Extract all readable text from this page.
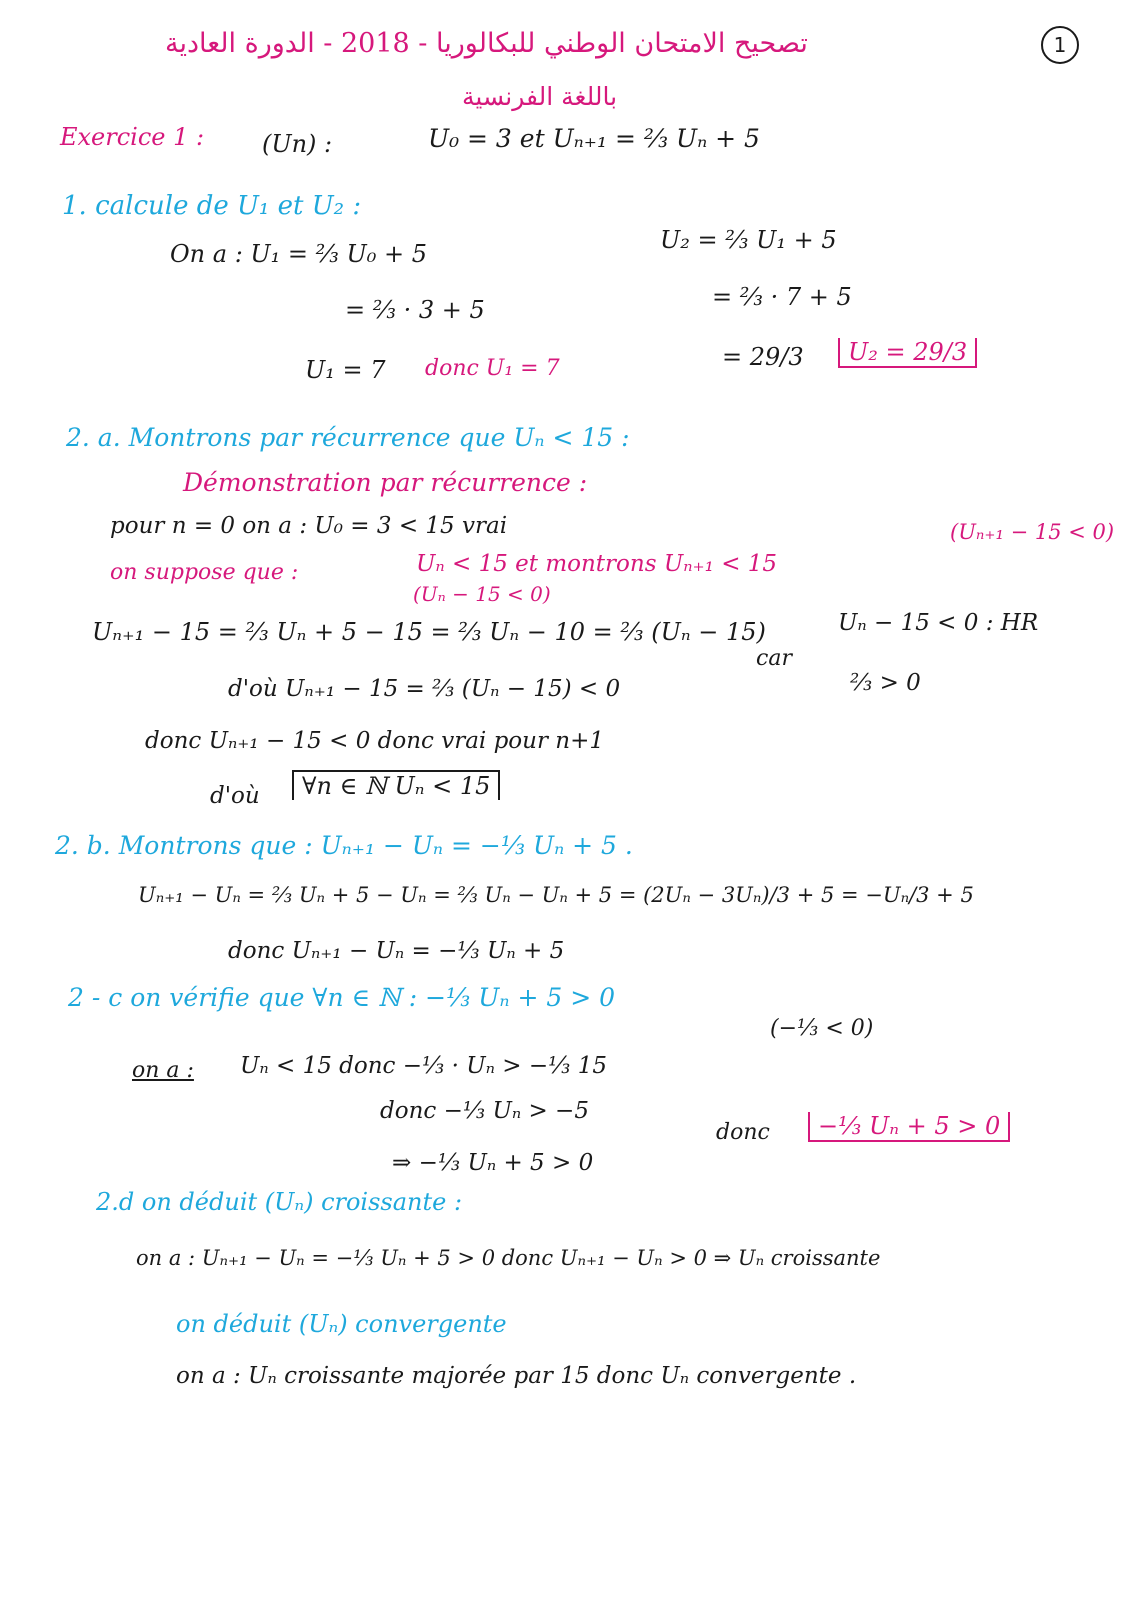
1
تصحيح الامتحان الوطني للبكالوريا - 2018 - الدورة العادية
باللغة الفرنسية
Exercice 1 : (Un) :	U₀ = 3 et Uₙ₊₁ = ⅔ Uₙ + 5
1. calcule de U₁ et U₂ :
On a : U₁ = ⅔ U₀ + 5
= ⅔ · 3 + 5
U₁ = 7 donc U₁ = 7
U₂ = ⅔ U₁ + 5
= ⅔ · 7 + 5
= 29/3	U₂ = 29/3
2. a. Montrons par récurrence que Uₙ < 15 :
Démonstration par récurrence :
pour n = 0 on a : U₀ = 3 < 15 vrai
on suppose que :	Uₙ < 15 et montrons Uₙ₊₁ < 15
(Uₙ₊₁ − 15 < 0)
(Uₙ − 15 < 0)
Uₙ₊₁ − 15 = ⅔ Uₙ + 5 − 15 = ⅔ Uₙ − 10 = ⅔ (Uₙ − 15)
d'où Uₙ₊₁ − 15 = ⅔ (Uₙ − 15) < 0
car
Uₙ − 15 < 0 : HR
⅔ > 0
donc Uₙ₊₁ − 15 < 0 donc vrai pour n+1
d'où	∀n ∈ ℕ Uₙ < 15
2. b. Montrons que : Uₙ₊₁ − Uₙ = −⅓ Uₙ + 5 .
Uₙ₊₁ − Uₙ = ⅔ Uₙ + 5 − Uₙ = ⅔ Uₙ − Uₙ + 5 = (2Uₙ − 3Uₙ)/3 + 5 = −Uₙ/3 + 5
donc Uₙ₊₁ − Uₙ = −⅓ Uₙ + 5
2 - c on vérifie que ∀n ∈ ℕ : −⅓ Uₙ + 5 > 0
(−⅓ < 0)
on a : Uₙ < 15 donc −⅓ · Uₙ > −⅓ 15
donc −⅓ Uₙ > −5
⇒ −⅓ Uₙ + 5 > 0
donc	−⅓ Uₙ + 5 > 0
2.d on déduit (Uₙ) croissante :
on a : Uₙ₊₁ − Uₙ = −⅓ Uₙ + 5 > 0 donc Uₙ₊₁ − Uₙ > 0 ⇒ Uₙ croissante
on déduit (Uₙ) convergente
on a : Uₙ croissante majorée par 15 donc Uₙ convergente .
